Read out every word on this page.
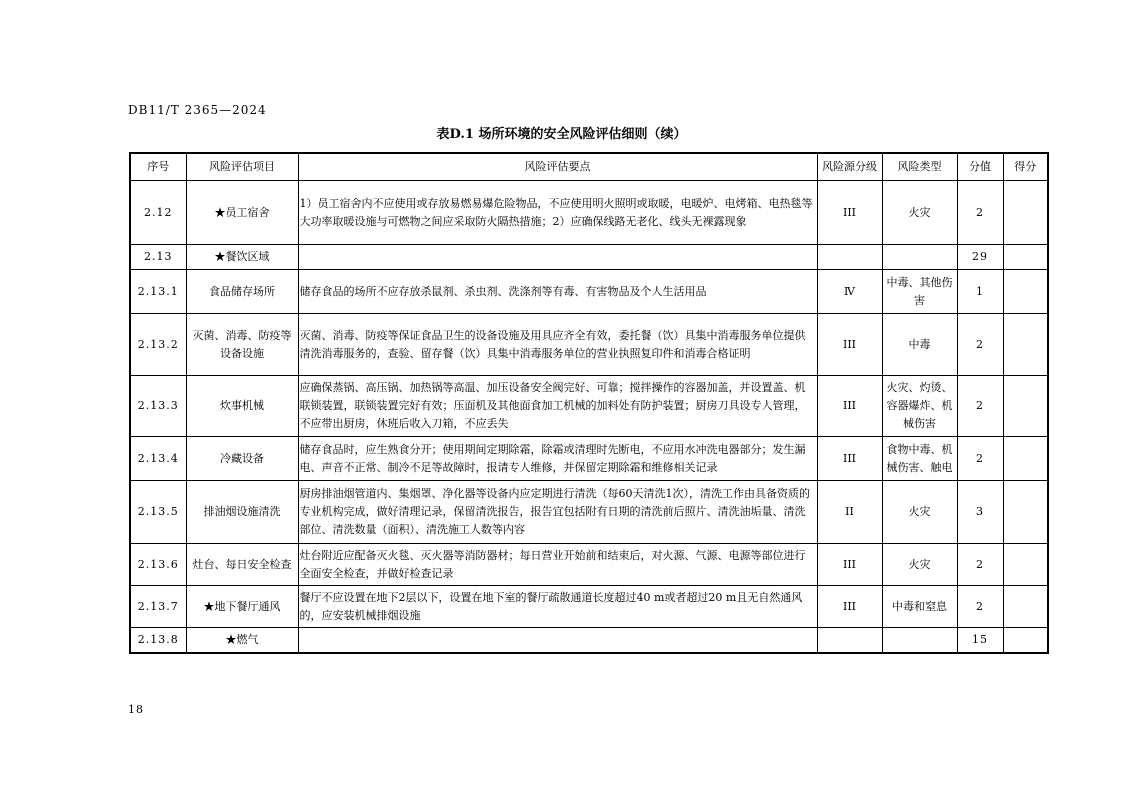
DB11/T 2365—2024
表D.1 场所环境的安全风险评估细则（续）
序号	风险评估项目	风险评估要点	风险源分级	风险类型	分值	得分
2.12	★员工宿舍	1）员工宿舍内不应使用或存放易燃易爆危险物品，不应使用明火照明或取暖，电暖炉、电烤箱、电热毯等大功率取暖设施与可燃物之间应采取防火隔热措施；2）应确保线路无老化、线头无裸露现象	III	火灾	2	
2.13	★餐饮区域				29	
2.13.1	食品储存场所	储存食品的场所不应存放杀鼠剂、杀虫剂、洗涤剂等有毒、有害物品及个人生活用品	Ⅳ	中毒、其他伤害	1	
2.13.2	灭菌、消毒、防疫等设备设施	灭菌、消毒、防疫等保证食品卫生的设备设施及用具应齐全有效，委托餐（饮）具集中消毒服务单位提供清洗消毒服务的，查验、留存餐（饮）具集中消毒服务单位的营业执照复印件和消毒合格证明	III	中毒	2	
2.13.3	炊事机械	应确保蒸锅、高压锅、加热锅等高温、加压设备安全阀完好、可靠；搅拌操作的容器加盖，并设置盖、机联锁装置，联锁装置完好有效；压面机及其他面食加工机械的加料处有防护装置；厨房刀具设专人管理，不应带出厨房，休班后收入刀箱，不应丢失	III	火灾、灼烫、容器爆炸、机械伤害	2	
2.13.4	冷藏设备	储存食品时，应生熟食分开；使用期间定期除霜，除霜或清理时先断电，不应用水冲洗电器部分；发生漏电、声音不正常、制冷不足等故障时，报请专人维修，并保留定期除霜和维修相关记录	III	食物中毒、机械伤害、触电	2	
2.13.5	排油烟设施清洗	厨房排油烟管道内、集烟罩、净化器等设备内应定期进行清洗（每60天清洗1次），清洗工作由具备资质的专业机构完成，做好清理记录，保留清洗报告，报告宜包括附有日期的清洗前后照片、清洗油垢量、清洗部位、清洗数量（面积）、清洗施工人数等内容	II	火灾	3	
2.13.6	灶台、每日安全检查	灶台附近应配备灭火毯、灭火器等消防器材；每日营业开始前和结束后，对火源、气源、电源等部位进行全面安全检查，并做好检查记录	III	火灾	2	
2.13.7	★地下餐厅通风	餐厅不应设置在地下2层以下，设置在地下室的餐厅疏散通道长度超过40 m或者超过20 m且无自然通风的，应安装机械排烟设施	III	中毒和窒息	2	
2.13.8	★燃气				15	
18
